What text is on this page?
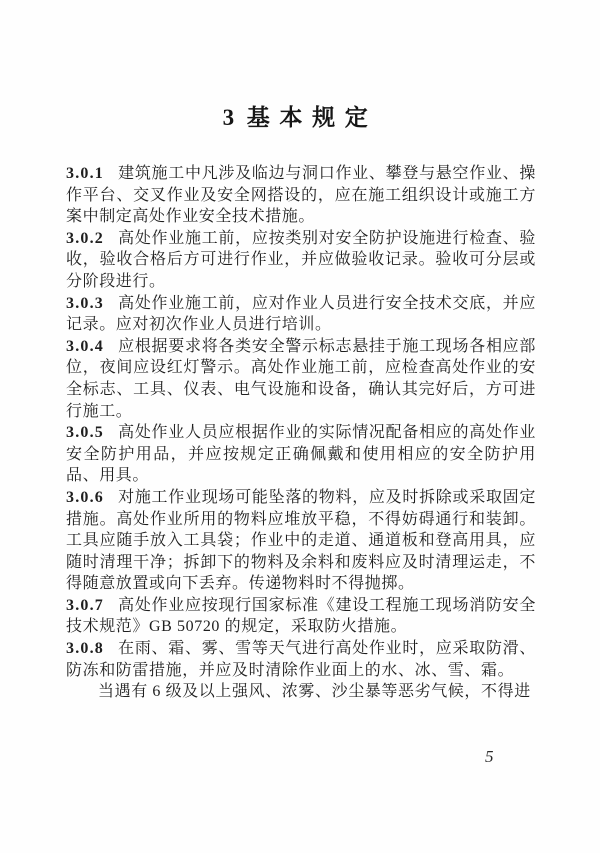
3 基本规定

3.0.1 建筑施工中凡涉及临边与洞口作业、攀登与悬空作业、操作平台、交叉作业及安全网搭设的，应在施工组织设计或施工方案中制定高处作业安全技术措施。

3.0.2 高处作业施工前，应按类别对安全防护设施进行检查、验收，验收合格后方可进行作业，并应做验收记录。验收可分层或分阶段进行。

3.0.3 高处作业施工前，应对作业人员进行安全技术交底，并应记录。应对初次作业人员进行培训。

3.0.4 应根据要求将各类安全警示标志悬挂于施工现场各相应部位，夜间应设红灯警示。高处作业施工前，应检查高处作业的安全标志、工具、仪表、电气设施和设备，确认其完好后，方可进行施工。

3.0.5 高处作业人员应根据作业的实际情况配备相应的高处作业安全防护用品，并应按规定正确佩戴和使用相应的安全防护用品、用具。

3.0.6 对施工作业现场可能坠落的物料，应及时拆除或采取固定措施。高处作业所用的物料应堆放平稳，不得妨碍通行和装卸。工具应随手放入工具袋；作业中的走道、通道板和登高用具，应随时清理干净；拆卸下的物料及余料和废料应及时清理运走，不得随意放置或向下丢弃。传递物料时不得抛掷。

3.0.7 高处作业应按现行国家标准《建设工程施工现场消防安全技术规范》GB 50720 的规定，采取防火措施。

3.0.8 在雨、霜、雾、雪等天气进行高处作业时，应采取防滑、防冻和防雷措施，并应及时清除作业面上的水、冰、雪、霜。

当遇有 6 级及以上强风、浓雾、沙尘暴等恶劣气候，不得进

5
